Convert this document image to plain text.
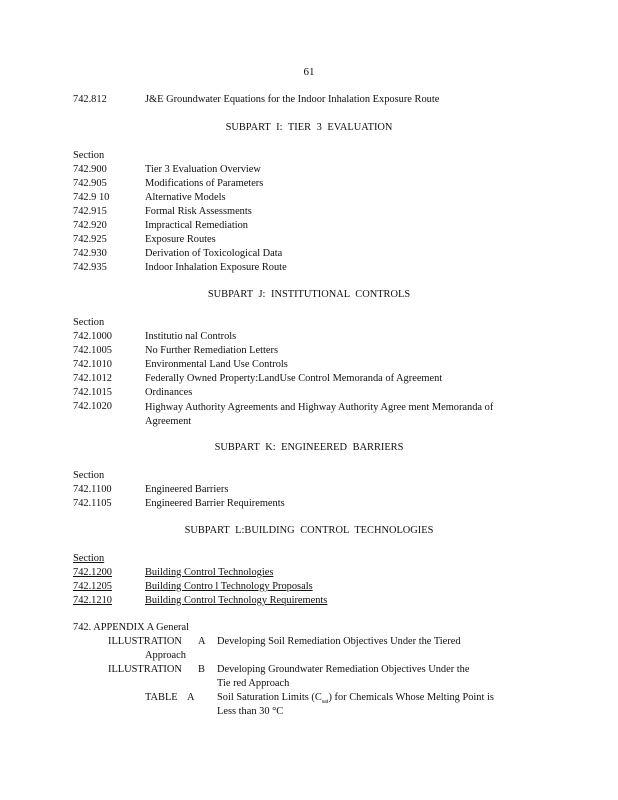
61
742.812	J&E Groundwater Equations for the Indoor Inhalation Exposure Route
SUBPART I: TIER 3 EVALUATION
Section
742.900	Tier 3 Evaluation Overview
742.905	Modifications of Parameters
742.9 10	Alternative Models
742.915	Formal Risk Assessments
742.920	Impractical Remediation
742.925	Exposure Routes
742.930	Derivation of Toxicological Data
742.935	Indoor Inhalation Exposure Route
SUBPART J: INSTITUTIONAL CONTROLS
Section
742.1000	Institutio nal Controls
742.1005	No Further Remediation Letters
742.1010	Environmental Land Use Controls
742.1012	Federally Owned Property:LandUse Control Memoranda of Agreement
742.1015	Ordinances
742.1020	Highway Authority Agreements and Highway Authority Agree ment Memoranda of Agreement
SUBPART K: ENGINEERED BARRIERS
Section
742.1100	Engineered Barriers
742.1105	Engineered Barrier Requirements
SUBPART L:BUILDING CONTROL TECHNOLOGIES
Section
742.1200	Building Control Technologies
742.1205	Building Contro l Technology Proposals
742.1210	Building Control Technology Requirements
742. APPENDIX A General
ILLUSTRATION A Developing Soil Remediation Objectives Under the Tiered
Approach
ILLUSTRATION B Developing Groundwater Remediation Objectives Under the
Tie red Approach
TABLE A Soil Saturation Limits $(C_{sat})$ for Chemicals Whose Melting Point is
Less than 30 °C
